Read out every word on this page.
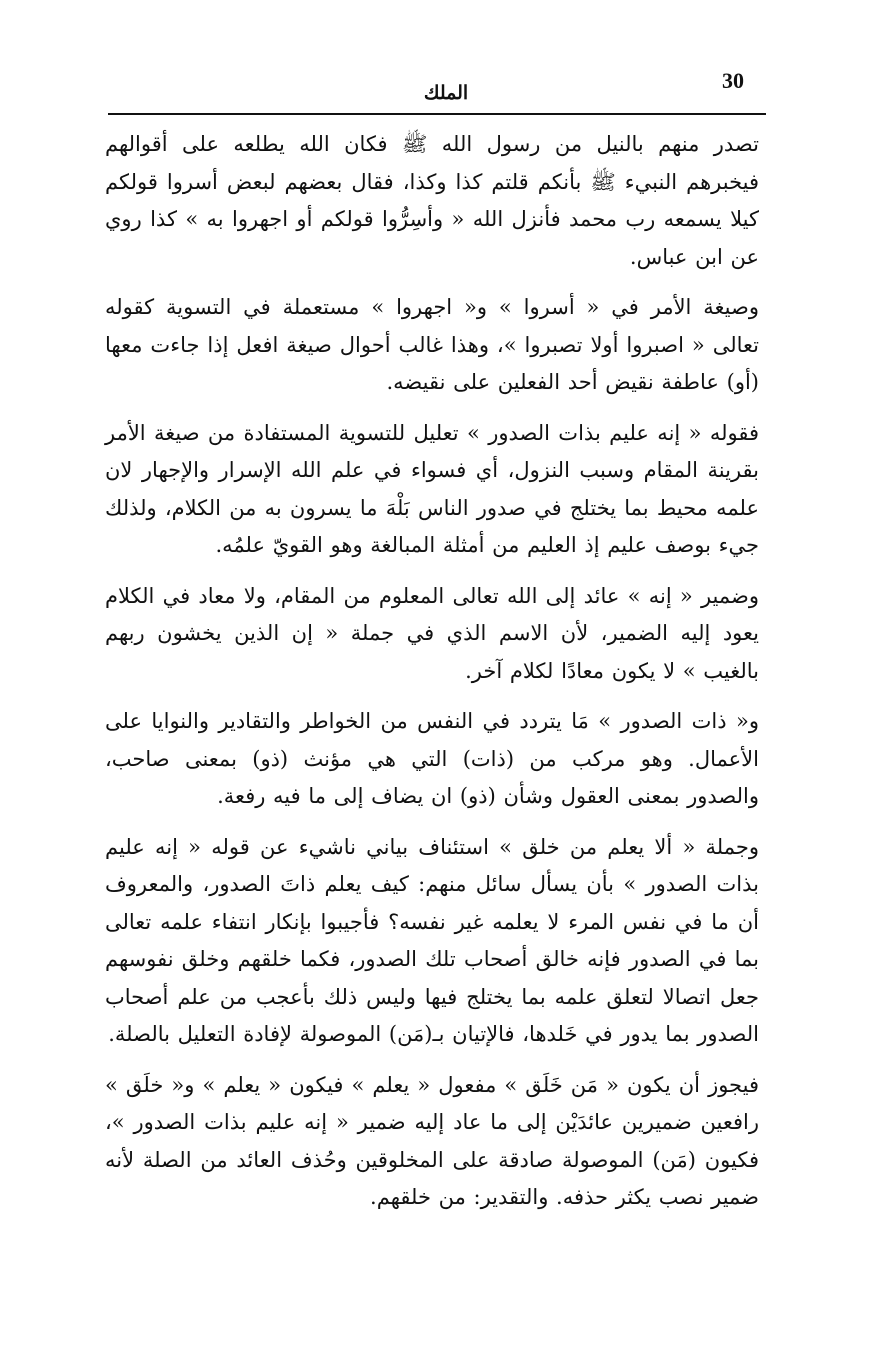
30
الملك

تصدر منهم بالنيل من رسول الله ﷺ فكان الله يطلعه على أقوالهم فيخبرهم النبيء ﷺ بأنكم قلتم كذا وكذا، فقال بعضهم لبعض أسروا قولكم كيلا يسمعه رب محمد فأنزل الله « وأسِرُّوا قولكم أو اجهروا به » كذا روي عن ابن عباس.

وصيغة الأمر في « أسروا » و« اجهروا » مستعملة في التسوية كقوله تعالى « اصبروا أولا تصبروا »، وهذا غالب أحوال صيغة افعل إذا جاءت معها (أو) عاطفة نقيض أحد الفعلين على نقيضه.

فقوله « إنه عليم بذات الصدور » تعليل للتسوية المستفادة من صيغة الأمر بقرينة المقام وسبب النزول، أي فسواء في علم الله الإسرار والإجهار لان علمه محيط بما يختلج في صدور الناس بَلْهَ ما يسرون به من الكلام، ولذلك جيء بوصف عليم إذ العليم من أمثلة المبالغة وهو القويّ علمُه.

وضمير « إنه » عائد إلى الله تعالى المعلوم من المقام، ولا معاد في الكلام يعود إليه الضمير، لأن الاسم الذي في جملة « إن الذين يخشون ربهم بالغيب » لا يكون معادًا لكلام آخر.

و« ذات الصدور » مَا يتردد في النفس من الخواطر والتقادير والنوايا على الأعمال. وهو مركب من (ذات) التي هي مؤنث (ذو) بمعنى صاحب، والصدور بمعنى العقول وشأن (ذو) ان يضاف إلى ما فيه رفعة.

وجملة « ألا يعلم من خلق » استئناف بياني ناشيء عن قوله « إنه عليم بذات الصدور » بأن يسأل سائل منهم: كيف يعلم ذاتَ الصدور، والمعروف أن ما في نفس المرء لا يعلمه غير نفسه؟ فأجيبوا بإنكار انتفاء علمه تعالى بما في الصدور فإنه خالق أصحاب تلك الصدور، فكما خلقهم وخلق نفوسهم جعل اتصالا لتعلق علمه بما يختلج فيها وليس ذلك بأعجب من علم أصحاب الصدور بما يدور في خَلدها، فالإتيان بـ(مَن) الموصولة لإفادة التعليل بالصلة.

فيجوز أن يكون « مَن خَلَق » مفعول « يعلم » فيكون « يعلم » و« خلَق » رافعين ضميرين عائدَيْن إلى ما عاد إليه ضمير « إنه عليم بذات الصدور »، فكيون (مَن) الموصولة صادقة على المخلوقين وحُذف العائد من الصلة لأنه ضمير نصب يكثر حذفه. والتقدير: من خلقهم.
